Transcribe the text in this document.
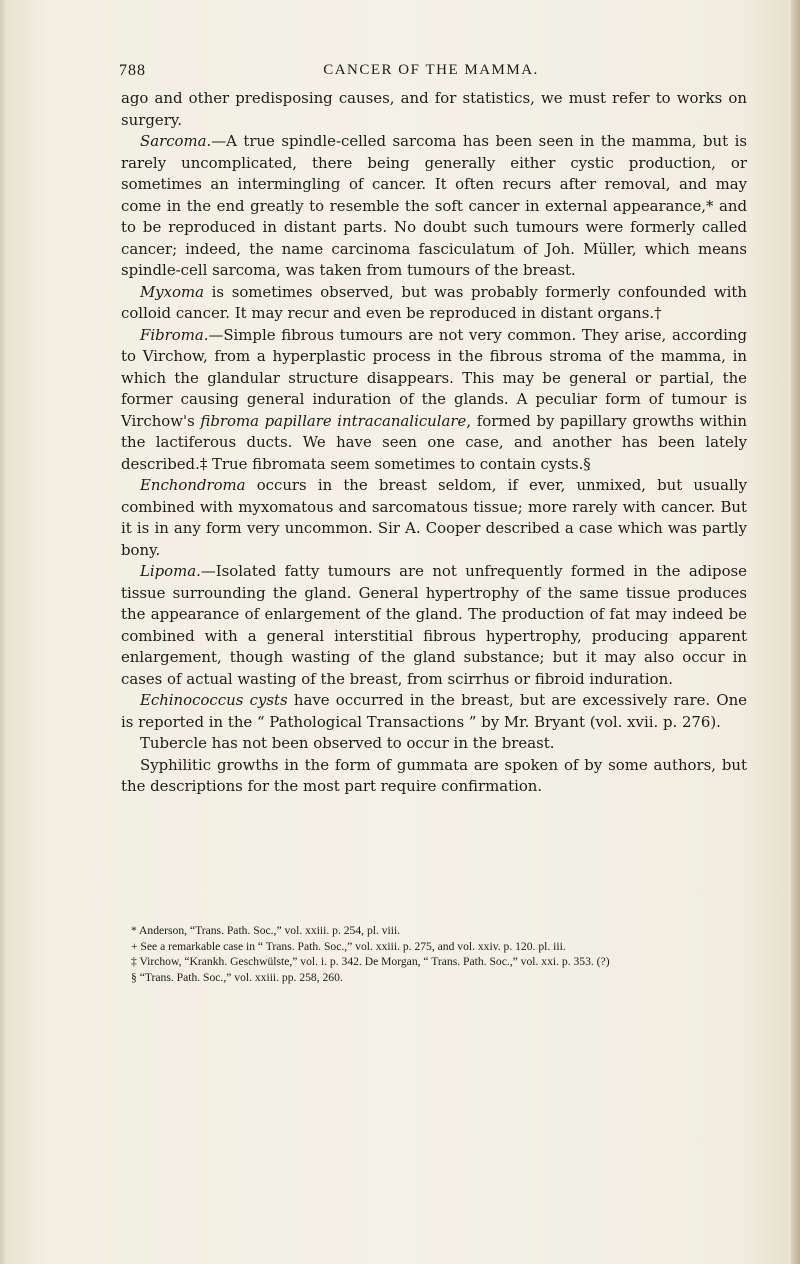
788	CANCER OF THE MAMMA.

ago and other predisposing causes, and for statistics, we must refer to works on surgery.

Sarcoma.—A true spindle-celled sarcoma has been seen in the mamma, but is rarely uncomplicated, there being generally either cystic production, or sometimes an intermingling of cancer. It often recurs after removal, and may come in the end greatly to resemble the soft cancer in external appearance,* and to be reproduced in distant parts. No doubt such tumours were formerly called cancer; indeed, the name carcinoma fasciculatum of Joh. Müller, which means spindle-cell sarcoma, was taken from tumours of the breast.

Myxoma is sometimes observed, but was probably formerly confounded with colloid cancer. It may recur and even be reproduced in distant organs.†

Fibroma.—Simple fibrous tumours are not very common. They arise, according to Virchow, from a hyperplastic process in the fibrous stroma of the mamma, in which the glandular structure disappears. This may be general or partial, the former causing general induration of the glands. A peculiar form of tumour is Virchow's fibroma papillare intracanaliculare, formed by papillary growths within the lactiferous ducts. We have seen one case, and another has been lately described.‡ True fibromata seem sometimes to contain cysts.§

Enchondroma occurs in the breast seldom, if ever, unmixed, but usually combined with myxomatous and sarcomatous tissue; more rarely with cancer. But it is in any form very uncommon. Sir A. Cooper described a case which was partly bony.

Lipoma.—Isolated fatty tumours are not unfrequently formed in the adipose tissue surrounding the gland. General hypertrophy of the same tissue produces the appearance of enlargement of the gland. The production of fat may indeed be combined with a general interstitial fibrous hypertrophy, producing apparent enlargement, though wasting of the gland substance; but it may also occur in cases of actual wasting of the breast, from scirrhus or fibroid induration.

Echinococcus cysts have occurred in the breast, but are excessively rare. One is reported in the “ Pathological Transactions ” by Mr. Bryant (vol. xvii. p. 276).

Tubercle has not been observed to occur in the breast.

Syphilitic growths in the form of gummata are spoken of by some authors, but the descriptions for the most part require confirmation.

* Anderson, “Trans. Path. Soc.,” vol. xxiii. p. 254, pl. viii.

+ See a remarkable case in “ Trans. Path. Soc.,” vol. xxiii. p. 275, and vol. xxiv. p. 120. pl. iii.

‡ Virchow, “Krankh. Geschwülste,” vol. i. p. 342. De Morgan, “ Trans. Path. Soc.,” vol. xxi. p. 353. (?)

§ “Trans. Path. Soc.,” vol. xxiii. pp. 258, 260.
